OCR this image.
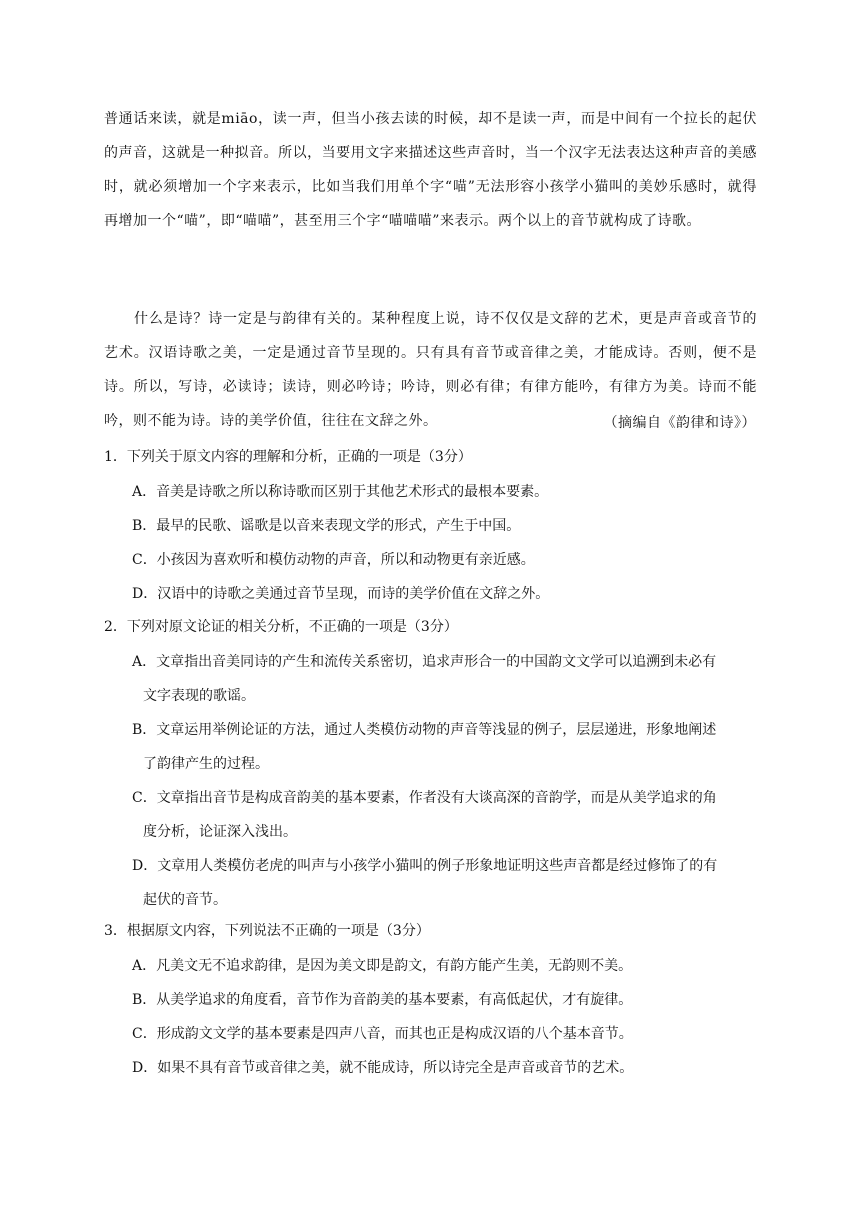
普通话来读，就是miāo，读一声，但当小孩去读的时候，却不是读一声，而是中间有一个拉长的起伏的声音，这就是一种拟音。所以，当要用文字来描述这些声音时，当一个汉字无法表达这种声音的美感时，就必须增加一个字来表示，比如当我们用单个字“喵”无法形容小孩学小猫叫的美妙乐感时，就得再增加一个“喵”，即“喵喵”，甚至用三个字“喵喵喵”来表示。两个以上的音节就构成了诗歌。
什么是诗？诗一定是与韵律有关的。某种程度上说，诗不仅仅是文辞的艺术，更是声音或音节的艺术。汉语诗歌之美，一定是通过音节呈现的。只有具有音节或音律之美，才能成诗。否则，便不是诗。所以，写诗，必读诗；读诗，则必吟诗；吟诗，则必有律；有律方能吟，有律方为美。诗而不能吟，则不能为诗。诗的美学价值，往往在文辞之外。	（摘编自《韵律和诗》）
1．下列关于原文内容的理解和分析，正确的一项是（3分）
A．音美是诗歌之所以称诗歌而区别于其他艺术形式的最根本要素。
B．最早的民歌、谣歌是以音来表现文学的形式，产生于中国。
C．小孩因为喜欢听和模仿动物的声音，所以和动物更有亲近感。
D．汉语中的诗歌之美通过音节呈现，而诗的美学价值在文辞之外。
2．下列对原文论证的相关分析，不正确的一项是（3分）
A．文章指出音美同诗的产生和流传关系密切，追求声形合一的中国韵文文学可以追溯到未必有
文字表现的歌谣。
B．文章运用举例论证的方法，通过人类模仿动物的声音等浅显的例子，层层递进，形象地阐述
了韵律产生的过程。
C．文章指出音节是构成音韵美的基本要素，作者没有大谈高深的音韵学，而是从美学追求的角
度分析，论证深入浅出。
D．文章用人类模仿老虎的叫声与小孩学小猫叫的例子形象地证明这些声音都是经过修饰了的有
起伏的音节。
3．根据原文内容，下列说法不正确的一项是（3分）
A．凡美文无不追求韵律，是因为美文即是韵文，有韵方能产生美，无韵则不美。
B．从美学追求的角度看，音节作为音韵美的基本要素，有高低起伏，才有旋律。
C．形成韵文文学的基本要素是四声八音，而其也正是构成汉语的八个基本音节。
D．如果不具有音节或音律之美，就不能成诗，所以诗完全是声音或音节的艺术。
